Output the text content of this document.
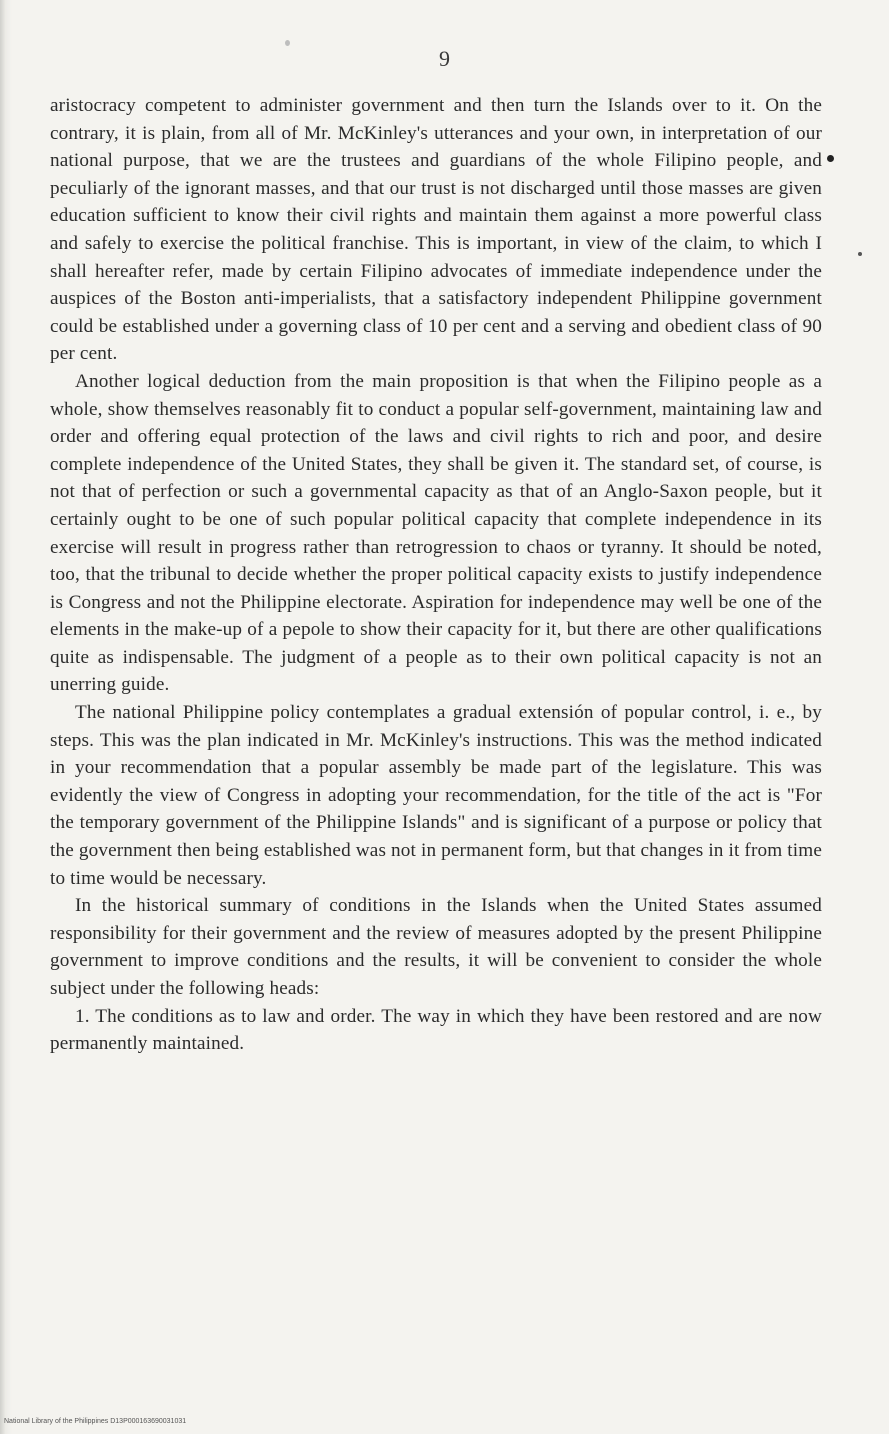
9

aristocracy competent to administer government and then turn the Islands over to it. On the contrary, it is plain, from all of Mr. McKinley's utterances and your own, in interpretation of our national purpose, that we are the trustees and guardians of the whole Filipino people, and peculiarly of the ignorant masses, and that our trust is not discharged until those masses are given education sufficient to know their civil rights and maintain them against a more powerful class and safely to exercise the political franchise. This is important, in view of the claim, to which I shall hereafter refer, made by certain Filipino advocates of immediate independence under the auspices of the Boston anti-imperialists, that a satisfactory independent Philippine government could be established under a governing class of 10 per cent and a serving and obedient class of 90 per cent.

Another logical deduction from the main proposition is that when the Filipino people as a whole, show themselves reasonably fit to conduct a popular self-government, maintaining law and order and offering equal protection of the laws and civil rights to rich and poor, and desire complete independence of the United States, they shall be given it. The standard set, of course, is not that of perfection or such a governmental capacity as that of an Anglo-Saxon people, but it certainly ought to be one of such popular political capacity that complete independence in its exercise will result in progress rather than retrogression to chaos or tyranny. It should be noted, too, that the tribunal to decide whether the proper political capacity exists to justify independence is Congress and not the Philippine electorate. Aspiration for independence may well be one of the elements in the make-up of a pepole to show their capacity for it, but there are other qualifications quite as indispensable. The judgment of a people as to their own political capacity is not an unerring guide.

The national Philippine policy contemplates a gradual extensión of popular control, i. e., by steps. This was the plan indicated in Mr. McKinley's instructions. This was the method indicated in your recommendation that a popular assembly be made part of the legislature. This was evidently the view of Congress in adopting your recommendation, for the title of the act is "For the temporary government of the Philippine Islands" and is significant of a purpose or policy that the government then being established was not in permanent form, but that changes in it from time to time would be necessary.

In the historical summary of conditions in the Islands when the United States assumed responsibility for their government and the review of measures adopted by the present Philippine government to improve conditions and the results, it will be convenient to consider the whole subject under the following heads:

1. The conditions as to law and order. The way in which they have been restored and are now permanently maintained.

National Library of the Philippines D13P000163690031031
